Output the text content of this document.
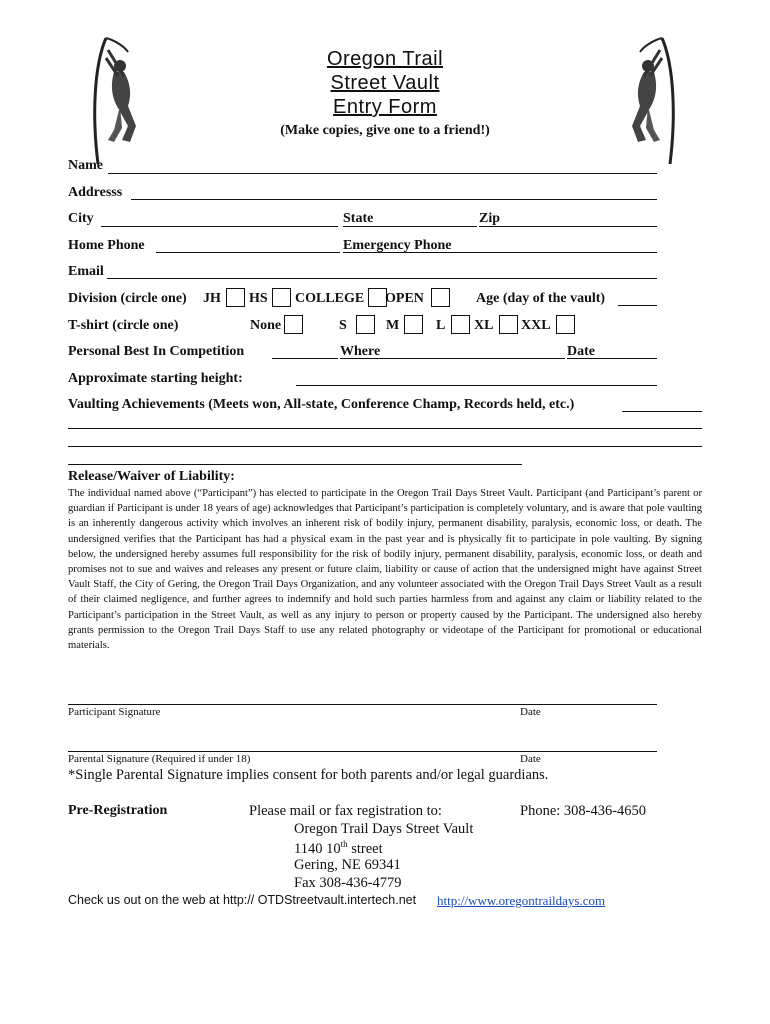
Oregon Trail
Street Vault
Entry Form
(Make copies, give one to a friend!)
Name
Addresss
City	State	Zip
Home Phone	Emergency Phone
Email
Division (circle one) JH HS COLLEGE OPEN	Age (day of the vault)
T-shirt (circle one)	None	S	M	L XL XXL
Personal Best In Competition	Where	Date
Approximate starting height:
Vaulting Achievements (Meets won, All-state, Conference Champ, Records held, etc.)
Release/Waiver of Liability:
The individual named above (“Participant”) has elected to participate in the Oregon Trail Days Street Vault. Participant (and Participant’s parent or guardian if Participant is under 18 years of age) acknowledges that Participant’s participation is completely voluntary, and is aware that pole vaulting is an inherently dangerous activity which involves an inherent risk of bodily injury, permanent disability, paralysis, economic loss, or death. The undersigned verifies that the Participant has had a physical exam in the past year and is physically fit to participate in pole vaulting. By signing below, the undersigned hereby assumes full responsibility for the risk of bodily injury, permanent disability, paralysis, economic loss, or death and promises not to sue and waives and releases any present or future claim, liability or cause of action that the undersigned might have against Street Vault Staff, the City of Gering, the Oregon Trail Days Organization, and any volunteer associated with the Oregon Trail Days Street Vault as a result of their claimed negligence, and further agrees to indemnify and hold such parties harmless from and against any claim or liability related to the Participant’s participation in the Street Vault, as well as any injury to person or property caused by the Participant. The undersigned also hereby grants permission to the Oregon Trail Days Staff to use any related photography or videotape of the Participant for promotional or educational materials.
Participant Signature	Date
Parental Signature (Required if under 18)	Date
*Single Parental Signature implies consent for both parents and/or legal guardians.
Pre-Registration	Please mail or fax registration to:	Phone: 308-436-4650
Oregon Trail Days Street Vault
1140 10th street
Gering, NE 69341
Fax 308-436-4779
Check us out on the web at http:// OTDStreetvault.intertech.net http://www.oregontraildays.com
